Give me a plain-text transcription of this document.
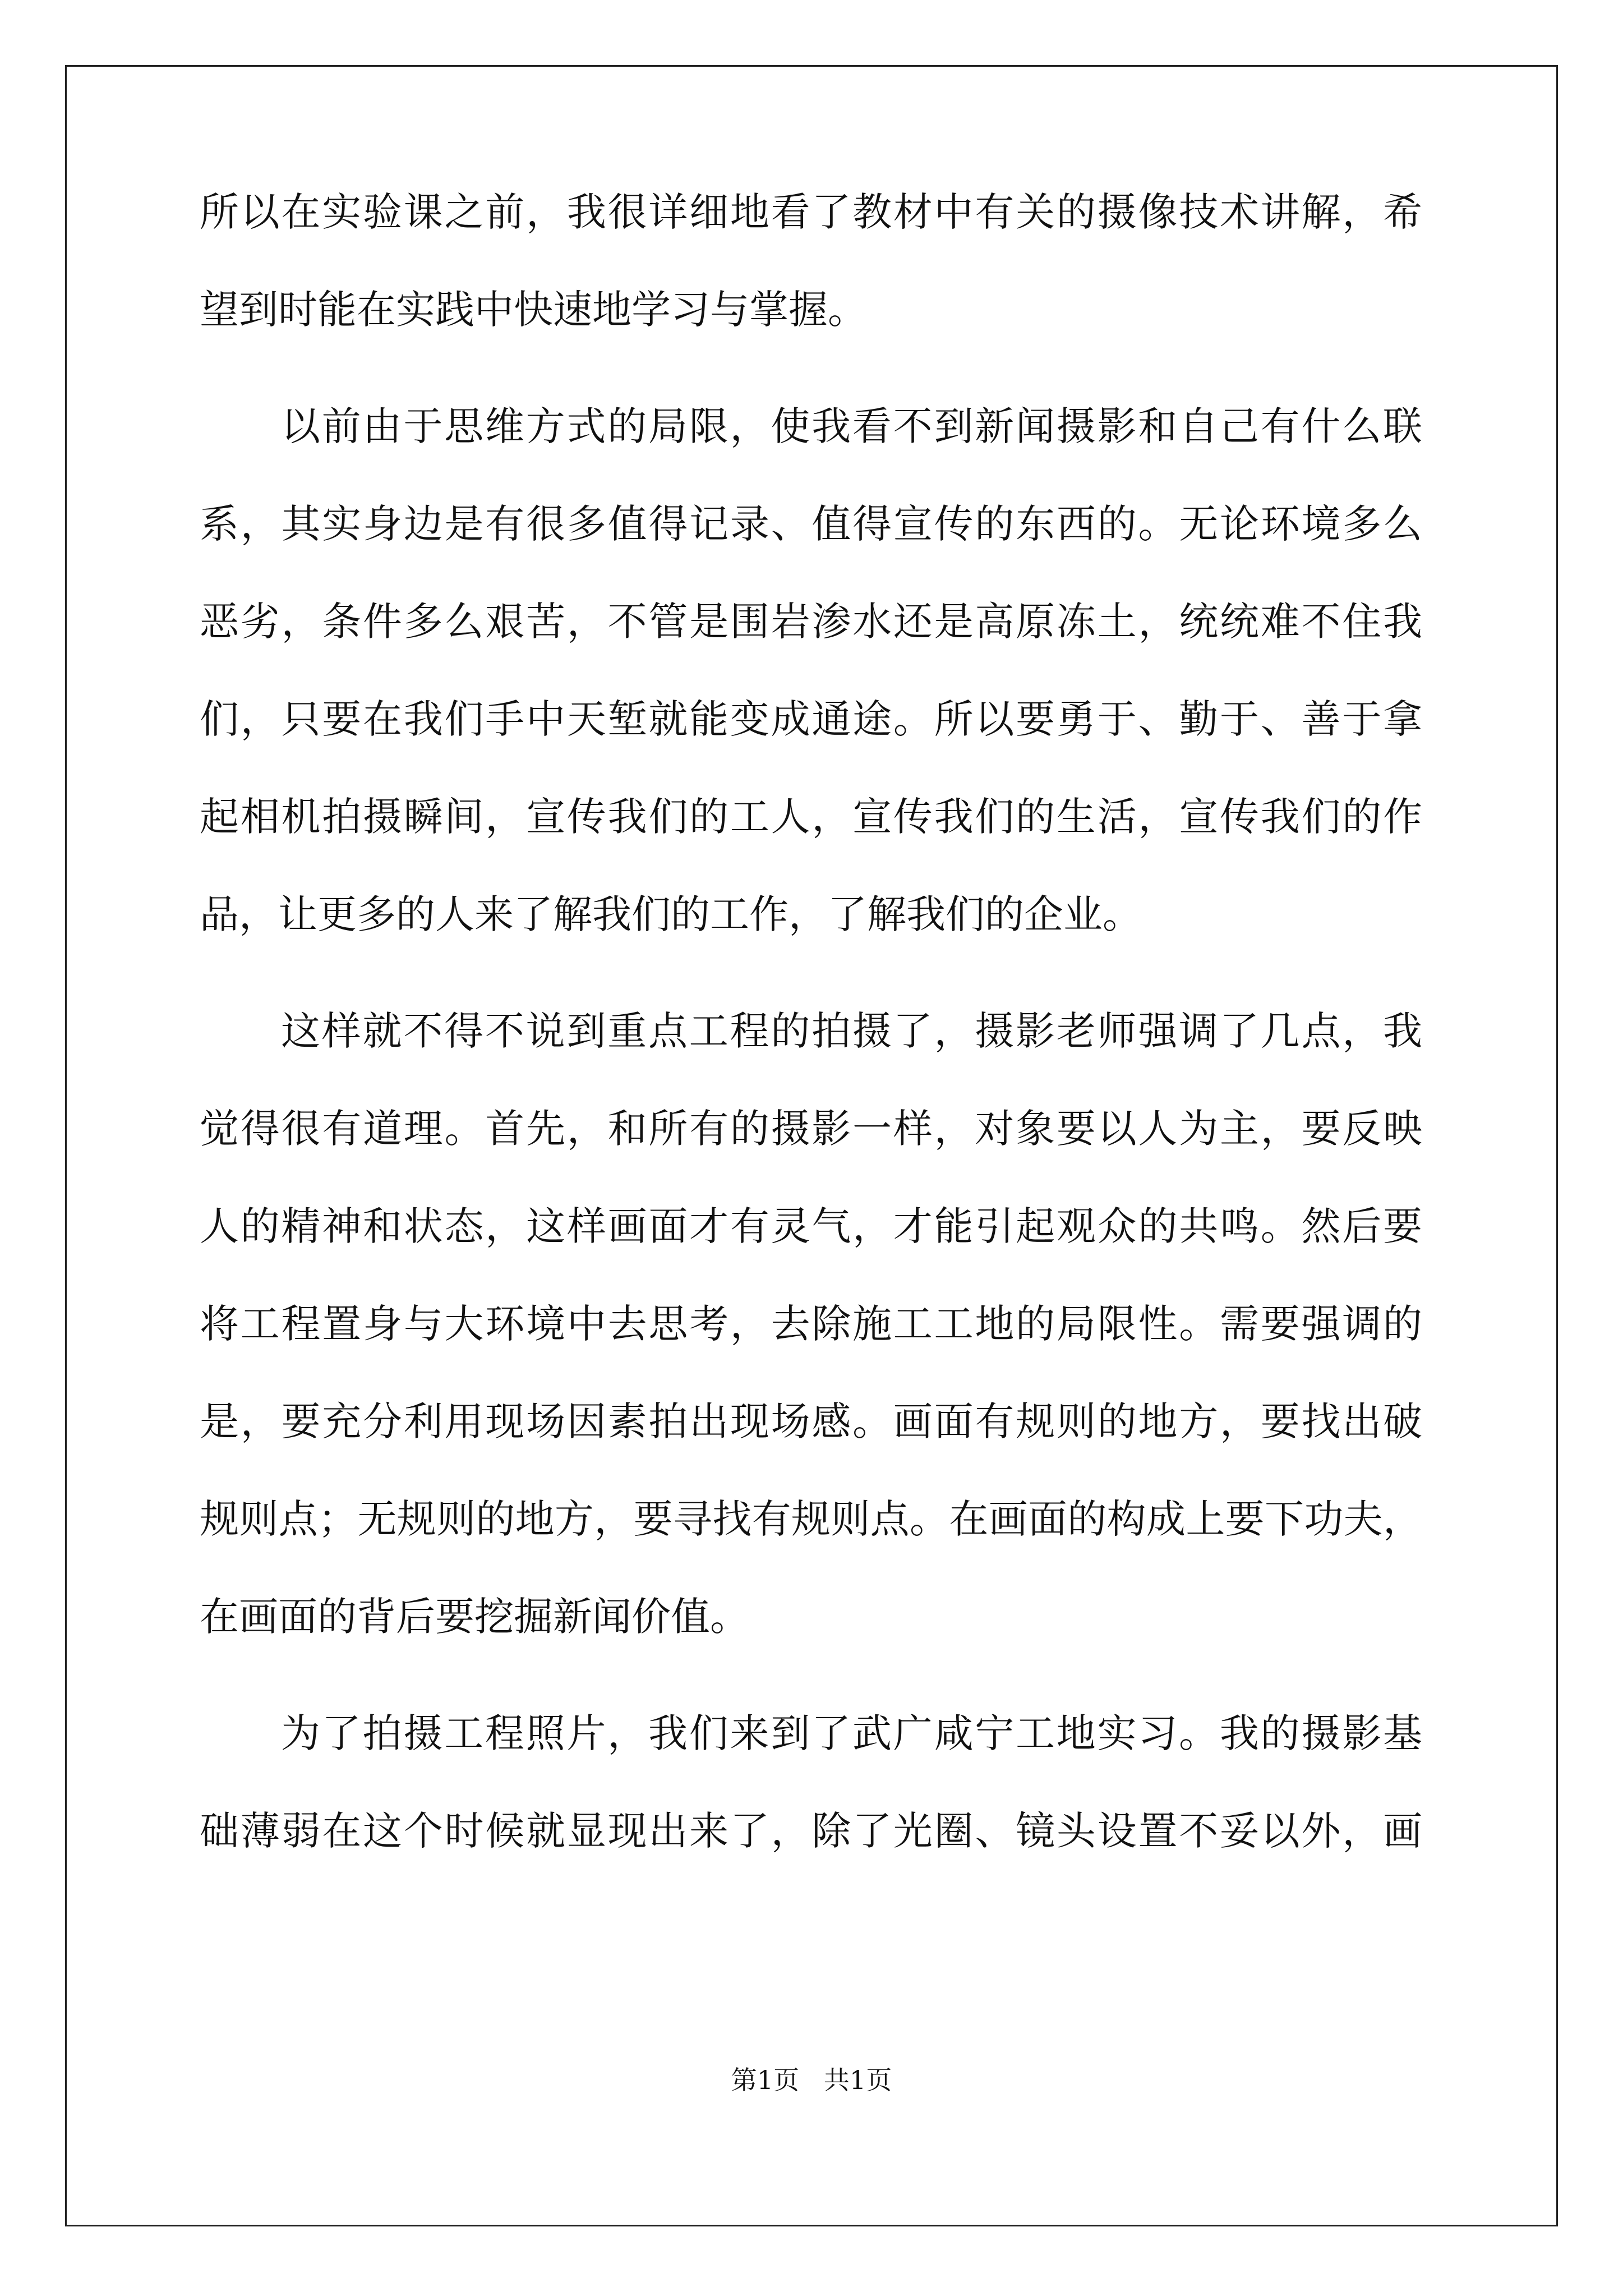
所以在实验课之前，我很详细地看了教材中有关的摄像技术讲解，希
望到时能在实践中快速地学习与掌握。
以前由于思维方式的局限，使我看不到新闻摄影和自己有什么联
系，其实身边是有很多值得记录、值得宣传的东西的。无论环境多么
恶劣，条件多么艰苦，不管是围岩渗水还是高原冻土，统统难不住我
们，只要在我们手中天堑就能变成通途。所以要勇于、勤于、善于拿
起相机拍摄瞬间，宣传我们的工人，宣传我们的生活，宣传我们的作
品，让更多的人来了解我们的工作，了解我们的企业。
这样就不得不说到重点工程的拍摄了，摄影老师强调了几点，我
觉得很有道理。首先，和所有的摄影一样，对象要以人为主，要反映
人的精神和状态，这样画面才有灵气，才能引起观众的共鸣。然后要
将工程置身与大环境中去思考，去除施工工地的局限性。需要强调的
是，要充分利用现场因素拍出现场感。画面有规则的地方，要找出破
规则点；无规则的地方，要寻找有规则点。在画面的构成上要下功夫，
在画面的背后要挖掘新闻价值。
为了拍摄工程照片，我们来到了武广咸宁工地实习。我的摄影基
础薄弱在这个时候就显现出来了，除了光圈、镜头设置不妥以外，画
第1页   共1页
